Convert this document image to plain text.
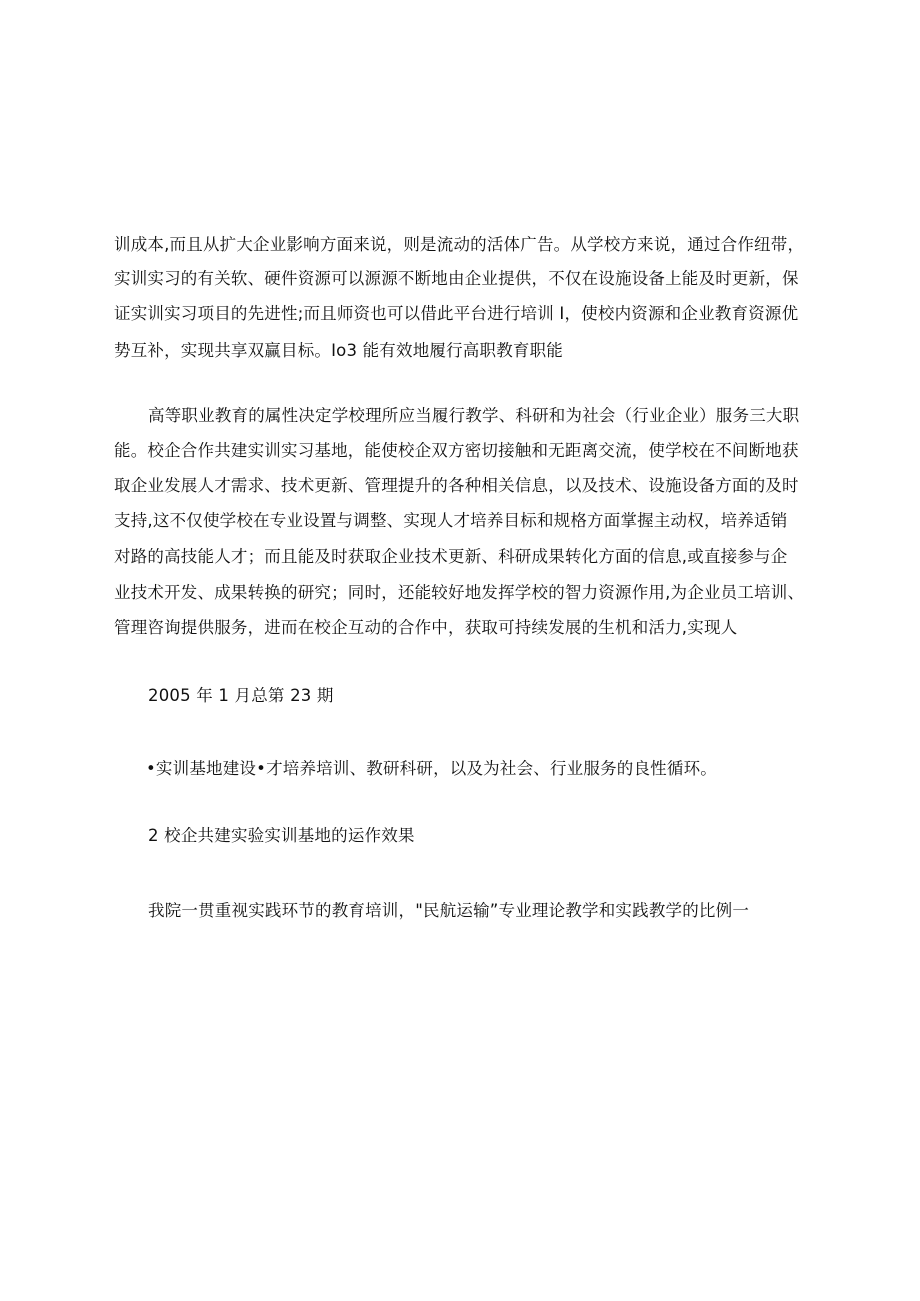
训成本,而且从扩大企业影响方面来说，则是流动的活体广告。从学校方来说，通过合作纽带，
实训实习的有关软、硬件资源可以源源不断地由企业提供，不仅在设施设备上能及时更新，保
证实训实习项目的先进性;而且师资也可以借此平台进行培训 I，使校内资源和企业教育资源优
势互补，实现共享双赢目标。Io3 能有效地履行高职教育职能
高等职业教育的属性决定学校理所应当履行教学、科研和为社会（行业企业）服务三大职
能。校企合作共建实训实习基地，能使校企双方密切接触和无距离交流，使学校在不间断地获
取企业发展人才需求、技术更新、管理提升的各种相关信息，以及技术、设施设备方面的及时
支持,这不仅使学校在专业设置与调整、实现人才培养目标和规格方面掌握主动权，培养适销
对路的高技能人才；而且能及时获取企业技术更新、科研成果转化方面的信息,或直接参与企
业技术开发、成果转换的研究；同时，还能较好地发挥学校的智力资源作用,为企业员工培训、
管理咨询提供服务，进而在校企互动的合作中，获取可持续发展的生机和活力,实现人
2005 年 1 月总第 23 期
•实训基地建设•才培养培训、教研科研，以及为社会、行业服务的良性循环。
2 校企共建实验实训基地的运作效果
我院一贯重视实践环节的教育培训，"民航运输”专业理论教学和实践教学的比例一
